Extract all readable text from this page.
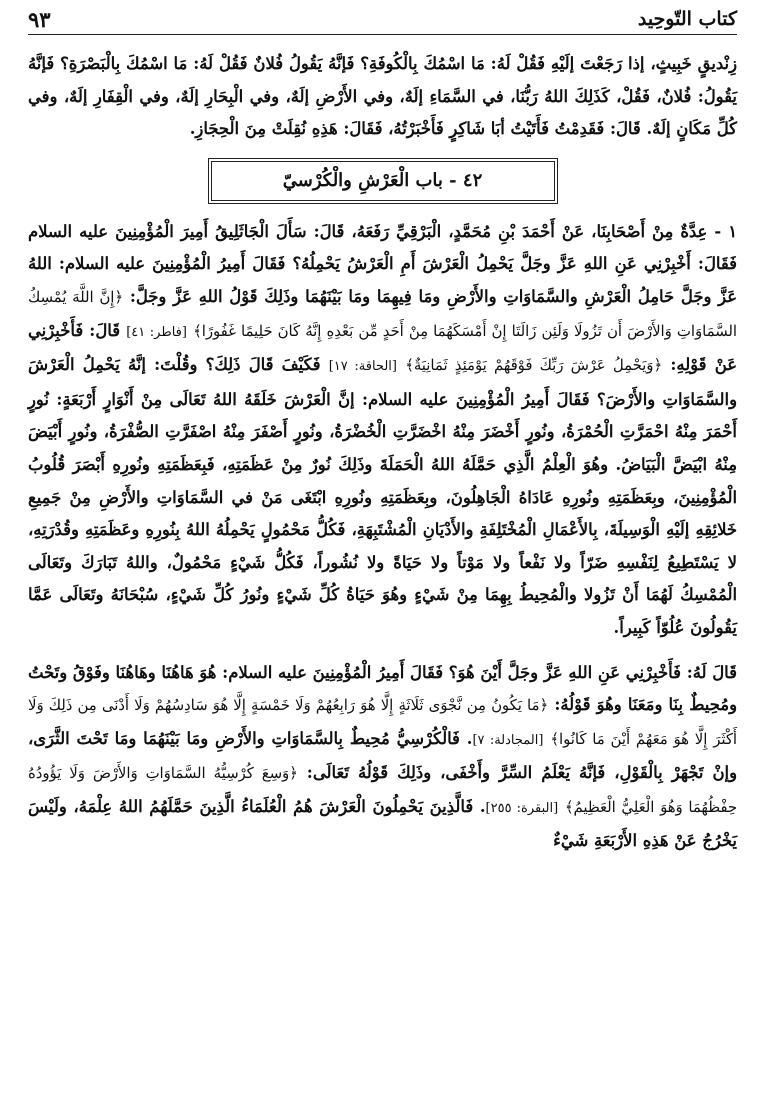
كتاب التّوحِيد
٩٣

زِنْديقٍ خَبِيثٍ، إذا رَجَعْتَ إلَيْهِ فَقُلْ لَهُ: مَا اسْمُكَ بِالْكُوفَةِ؟ فَإنَّهُ يَقُولُ فُلانٌ فَقُلْ لَهُ: مَا اسْمُكَ بِالْبَصْرَةِ؟ فَإنَّهُ يَقُولُ: فُلانٌ، فَقُلْ، كَذَلِكَ اللهُ رَبُّنَا، في السَّمَاءِ إلَهٌ، وفي الأَرْضِ إلَهٌ، وفي الْبِحَارِ إلَهٌ، وفي الْقِفَارِ إلَهٌ، وفي كُلِّ مَكَانٍ إلَهٌ. قَالَ: فَقَدِمْتُ فَأَتَيْتُ أبَا شَاكِرٍ فَأَخْبَرْتُهُ، فَقَالَ: هَذِهِ نُقِلَتْ مِنَ الْحِجَازِ.

٤٢ - باب الْعَرْشِ والْكُرْسيّ

١ - عِدَّةٌ مِنْ أَصْحَابِنَا، عَنْ أَحْمَدَ بْنِ مُحَمَّدٍ، الْبَرْقِيِّ رَفَعَهُ، قَالَ: سَأَلَ الْجَاثَلِيقُ أَمِيرَ الْمُؤْمِنِينَ عليه السلام فَقَالَ: أَخْبِرْنِي عَنِ اللهِ عَزَّ وجَلَّ يَحْمِلُ الْعَرْشَ أَمِ الْعَرْشُ يَحْمِلُهُ؟ فَقَالَ أَمِيرُ الْمُؤْمِنِينَ عليه السلام: اللهُ عَزَّ وجَلَّ حَامِلُ الْعَرْشِ والسَّمَاوَاتِ والأَرْضِ ومَا فِيهِمَا ومَا بَيْنَهُمَا وذَلِكَ قَوْلُ اللهِ عَزَّ وجَلَّ: ﴿إِنَّ اللَّهَ يُمْسِكُ السَّمَاوَاتِ وَالأَرْضَ أَن تَزُولَا وَلَئِن زَالَتَا إِنْ أَمْسَكَهُمَا مِنْ أَحَدٍ مِّن بَعْدِهِ إِنَّهُ كَانَ حَلِيمًا غَفُورًا﴾ [فاطر: ٤١] قَالَ: فَأَخْبِرْنِي عَنْ قَوْلِهِ: ﴿وَيَحْمِلُ عَرْشَ رَبِّكَ فَوْقَهُمْ يَوْمَئِذٍ ثَمَانِيَةٌ﴾ [الحاقة: ١٧] فَكَيْفَ قَالَ ذَلِكَ؟ وقُلْتَ: إنَّهُ يَحْمِلُ الْعَرْشَ والسَّمَاوَاتِ والأَرْضَ؟ فَقَالَ أَمِيرُ الْمُؤْمِنِينَ عليه السلام: إنَّ الْعَرْشَ خَلَقَهُ اللهُ تَعَالَى مِنْ أَنْوَارٍ أَرْبَعَةٍ: نُورٍ أَحْمَرَ مِنْهُ احْمَرَّتِ الْحُمْرَةُ، ونُورٍ أَخْضَرَ مِنْهُ اخْضَرَّتِ الْخُضْرَةُ، ونُورٍ أَصْفَرَ مِنْهُ اصْفَرَّتِ الصُّفْرَةُ، ونُورٍ أَبْيَضَ مِنْهُ ابْيَضَّ الْبَيَاضُ. وهُوَ الْعِلْمُ الَّذِي حَمَّلَهُ اللهُ الْحَمَلَةَ وذَلِكَ نُورٌ مِنْ عَظَمَتِهِ، فَبِعَظَمَتِهِ ونُورِهِ أَبْصَرَ قُلُوبُ الْمُؤْمِنِينَ، وبِعَظَمَتِهِ ونُورِهِ عَادَاهُ الْجَاهِلُونَ، وبِعَظَمَتِهِ ونُورِهِ ابْتَغَى مَنْ في السَّمَاوَاتِ والأَرْضِ مِنْ جَمِيعِ خَلائِقِهِ إلَيْهِ الْوَسِيلَةَ، بِالأَعْمَالِ الْمُخْتَلِفَةِ والأَدْيَانِ الْمُشْتَبِهَةِ، فَكُلُّ مَحْمُولٍ يَحْمِلُهُ اللهُ بِنُورِهِ وعَظَمَتِهِ وقُدْرَتِهِ، لا يَسْتَطِيعُ لِنَفْسِهِ ضَرّاً ولا نَفْعاً ولا مَوْتاً ولا حَيَاةً ولا نُشُوراً، فَكُلُّ شَيْءٍ مَحْمُولٌ، واللهُ تَبَارَكَ وتَعَالَى الْمُمْسِكُ لَهُمَا أَنْ تَزُولا والْمُحِيطُ بِهِمَا مِنْ شَيْءٍ وهُوَ حَيَاةُ كُلِّ شَيْءٍ ونُورُ كُلِّ شَيْءٍ، سُبْحَانَهُ وتَعَالَى عَمَّا يَقُولُونَ عُلُوّاً كَبِيراً.

قَالَ لَهُ: فَأَخْبِرْنِي عَنِ اللهِ عَزَّ وجَلَّ أَيْنَ هُوَ؟ فَقَالَ أَمِيرُ الْمُؤْمِنِينَ عليه السلام: هُوَ هَاهُنَا وهَاهُنَا وفَوْقُ وتَحْتُ ومُحِيطٌ بِنَا ومَعَنَا وهُوَ قَوْلُهُ: ﴿مَا يَكُونُ مِن نَّجْوَى ثَلَاثَةٍ إِلَّا هُوَ رَابِعُهُمْ وَلَا خَمْسَةٍ إِلَّا هُوَ سَادِسُهُمْ وَلَا أَدْنَى مِن ذَلِكَ وَلَا أَكْثَرَ إِلَّا هُوَ مَعَهُمْ أَيْنَ مَا كَانُوا﴾ [المجادلة: ٧]. فَالْكُرْسِيُّ مُحِيطٌ بِالسَّمَاوَاتِ والأَرْضِ ومَا بَيْنَهُمَا ومَا تَحْتَ الثَّرَى، وإنْ تَجْهَرْ بِالْقَوْلِ، فَإنَّهُ يَعْلَمُ السِّرَّ وأَخْفَى، وذَلِكَ قَوْلُهُ تَعَالَى: ﴿وَسِعَ كُرْسِيُّهُ السَّمَاوَاتِ وَالأَرْضَ وَلَا يَؤُودُهُ حِفْظُهُمَا وَهُوَ الْعَلِيُّ الْعَظِيمُ﴾ [البقرة: ٢٥٥]. فَالَّذِينَ يَحْمِلُونَ الْعَرْشَ هُمُ الْعُلَمَاءُ الَّذِينَ حَمَّلَهُمُ اللهُ عِلْمَهُ، ولَيْسَ يَخْرُجُ عَنْ هَذِهِ الأَرْبَعَةِ شَيْءٌ
